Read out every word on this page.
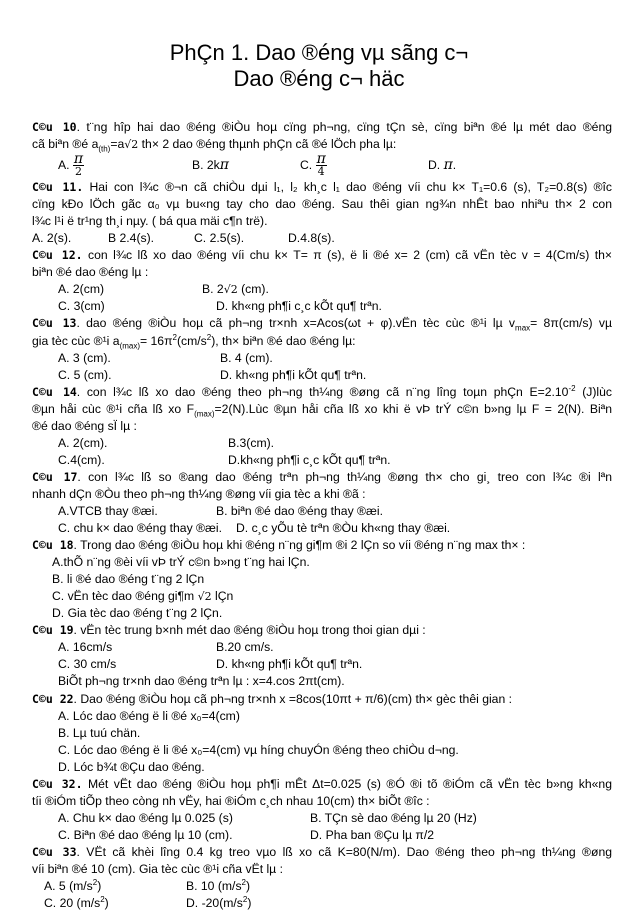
PhÇn 1. Dao ®éng vµ sãng c¬
Dao ®éng c¬ häc
C©u 10. t¨ng hîp hai dao ®éng ®iÒu hoµ cïng ph¬ng, cïng tÇn sè, cïng biªn ®é lµ mét dao ®éng
cã biªn ®é $a_{(th)}=a√2$ th× 2 dao ®éng thµnh phÇn cã ®é lÖch pha lµ:
A. $\frac{\pi}{2}$	B. 2kπ	C. $\frac{\pi}{4}$	D. π.
C©u 11. Hai con l¾c ®¬n cã chiÒu dµi l₁, l₂ kh¸c l₁ dao ®éng víi chu k× T₁=0.6 (s), T₂=0.8(s) ®îc
cïng kÐo lÖch gãc α₀ vµ bu«ng tay cho dao ®éng. Sau thêi gian ng¾n nhÊt bao nhiªu th× 2 con
l¾c l¹i ë tr¹ng th¸i nµy. ( bá qua mäi c¶n trë).
A. 2(s).	B 2.4(s).	C. 2.5(s).	D.4.8(s).
C©u 12. con l¾c lß xo dao ®éng víi chu k× T= π (s), ë li ®é x= 2 (cm) cã vËn tèc v = 4(Cm/s) th×
biªn ®é dao ®éng lµ :
A. 2(cm)	B. 2√2 (cm).
C. 3(cm)	D. kh«ng ph¶i c¸c kÕt qu¶ trªn.
C©u 13. dao ®éng ®iÒu hoµ cã ph¬ng tr×nh x=Acos(ωt + φ).vËn tèc cùc ®¹i lµ $v_{max}= 8\pi(cm/s)$ vµ
gia tèc cùc ®¹i $a_{(max)}= 16\pi^2(cm/s^2)$, th× biªn ®é dao ®éng lµ:
A. 3 (cm).	B. 4 (cm).
C. 5 (cm).	D. kh«ng ph¶i kÕt qu¶ trªn.
C©u 14. con l¾c lß xo dao ®éng theo ph¬ng th¼ng ®øng cã n¨ng lîng toµn phÇn $E=2.10^{-2}$ (J)lùc
®µn håi cùc ®¹i cña lß xo $F_{(max)}=2(N).Lùc$ ®µn håi cña lß xo khi ë vÞ trÝ c©n b»ng lµ F = 2(N). Biªn
®é dao ®éng sÏ lµ :
A. 2(cm).	B.3(cm).
C.4(cm).	D.kh«ng ph¶i c¸c kÕt qu¶ trªn.
C©u 17. con l¾c lß so ®ang dao ®éng trªn ph¬ng th¼ng ®øng th× cho gi¸ treo con l¾c ®i lªn
nhanh dÇn ®Òu theo ph¬ng th¼ng ®øng víi gia tèc a khi ®ã :
A.VTCB thay ®æi.	B. biªn ®é dao ®éng thay ®æi.
C. chu k× dao ®éng thay ®æi. D. c¸c yÕu tè trªn ®Òu kh«ng thay ®æi.
C©u 18. Trong dao ®éng ®iÒu hoµ khi ®éng n¨ng gi¶m ®i 2 lÇn so víi ®éng n¨ng max th× :
A.thÕ n¨ng ®èi víi vÞ trÝ c©n b»ng t¨ng hai lÇn.
B. li ®é dao ®éng t¨ng 2 lÇn
C. vËn tèc dao ®éng gi¶m √2 lÇn
D. Gia tèc dao ®éng t¨ng 2 lÇn.
C©u 19. vËn tèc trung b×nh mét dao ®éng ®iÒu hoµ trong thoi gian dµi :
A. 16cm/s	B.20 cm/s.
C. 30 cm/s	D. kh«ng ph¶i kÕt qu¶ trªn.
BiÕt ph¬ng tr×nh dao ®éng trªn lµ : x=4.cos 2πt(cm).
C©u 22. Dao ®éng ®iÒu hoµ cã ph¬ng tr×nh x =8cos(10πt + π/6)(cm) th× gèc thêi gian :
A. Lóc dao ®éng ë li ®é x₀=4(cm)
B. Lµ tuú chän.
C. Lóc dao ®éng ë li ®é x₀=4(cm) vµ híng chuyÓn ®éng theo chiÒu d¬ng.
D. Lóc b¾t ®Çu dao ®éng.
C©u 32. Mét vËt dao ®éng ®iÒu hoµ ph¶i mÊt Δt=0.025 (s) ®Ó ®i tõ ®iÓm cã vËn tèc b»ng kh«ng
tíi ®iÓm tiÕp theo còng nh vËy, hai ®iÓm c¸ch nhau 10(cm) th× biÕt ®îc :
A. Chu k× dao ®éng lµ 0.025 (s)	B. TÇn sè dao ®éng lµ 20 (Hz)
C. Biªn ®é dao ®éng lµ 10 (cm).	D. Pha ban ®Çu lµ π/2
C©u 33. VËt cã khèi lîng 0.4 kg treo vµo lß xo cã K=80(N/m). Dao ®éng theo ph¬ng th¼ng ®øng
víi biªn ®é 10 (cm). Gia tèc cùc ®¹i cña vËt lµ :
A. 5 $(m/s^2)$	B. 10 $(m/s^2)$
C. 20 $(m/s^2)$	D. $-20(m/s^2)$
